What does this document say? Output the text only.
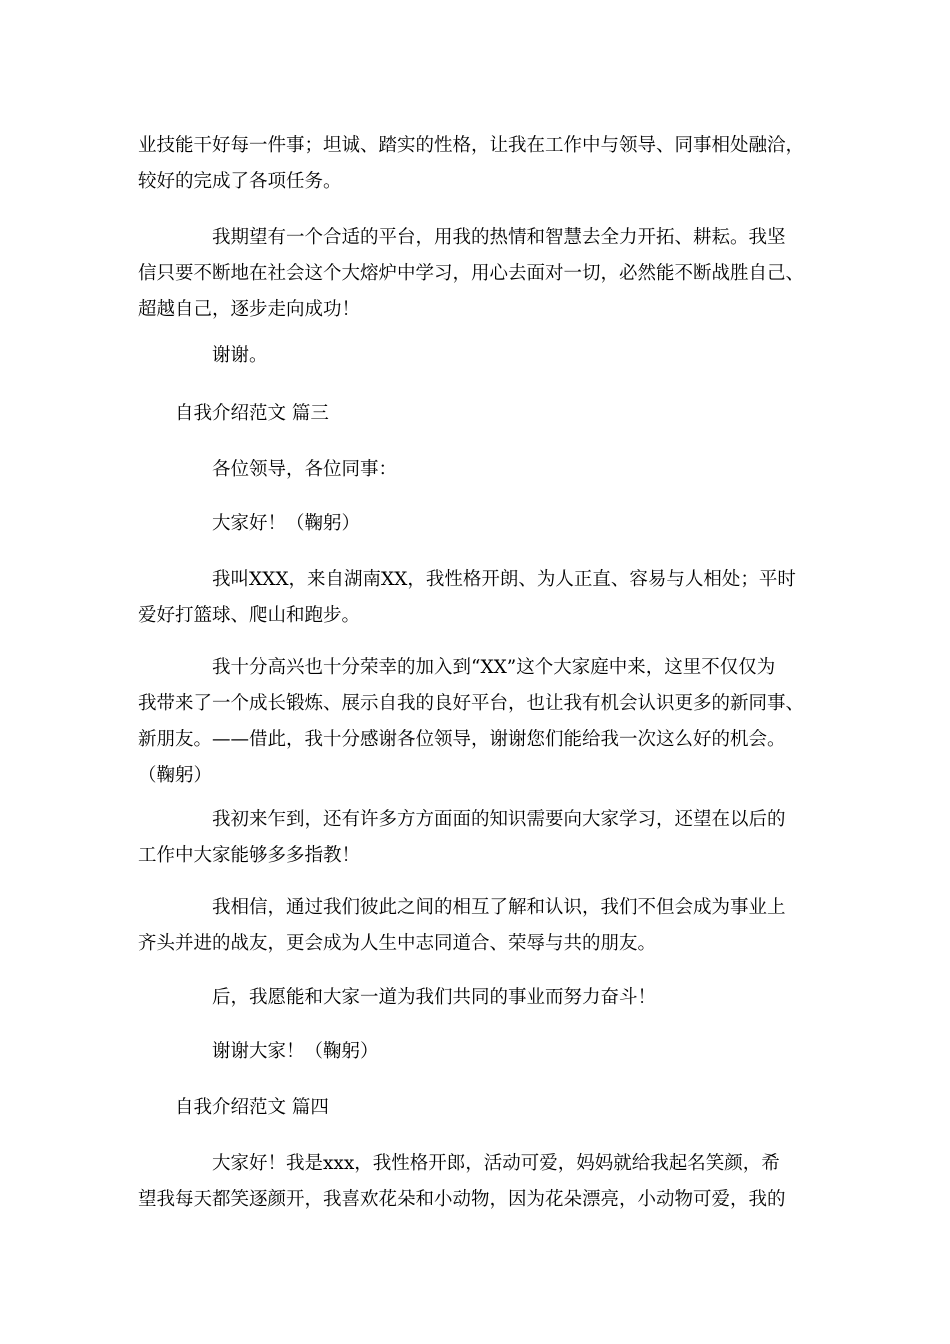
业技能干好每一件事；坦诚、踏实的性格，让我在工作中与领导、同事相处融洽，
较好的完成了各项任务。
我期望有一个合适的平台，用我的热情和智慧去全力开拓、耕耘。我坚
信只要不断地在社会这个大熔炉中学习，用心去面对一切，必然能不断战胜自己、
超越自己，逐步走向成功！
谢谢。
自我介绍范文 篇三
各位领导，各位同事：
大家好！（鞠躬）
我叫XXX，来自湖南XX，我性格开朗、为人正直、容易与人相处；平时
爱好打篮球、爬山和跑步。
我十分高兴也十分荣幸的加入到“XX”这个大家庭中来，这里不仅仅为
我带来了一个成长锻炼、展示自我的良好平台，也让我有机会认识更多的新同事、
新朋友。——借此，我十分感谢各位领导，谢谢您们能给我一次这么好的机会。
（鞠躬）
我初来乍到，还有许多方方面面的知识需要向大家学习，还望在以后的
工作中大家能够多多指教！
我相信，通过我们彼此之间的相互了解和认识，我们不但会成为事业上
齐头并进的战友，更会成为人生中志同道合、荣辱与共的朋友。
后，我愿能和大家一道为我们共同的事业而努力奋斗！
谢谢大家！（鞠躬）
自我介绍范文 篇四
大家好！我是xxx，我性格开郎，活动可爱，妈妈就给我起名笑颜，希
望我每天都笑逐颜开，我喜欢花朵和小动物，因为花朵漂亮，小动物可爱，我的
